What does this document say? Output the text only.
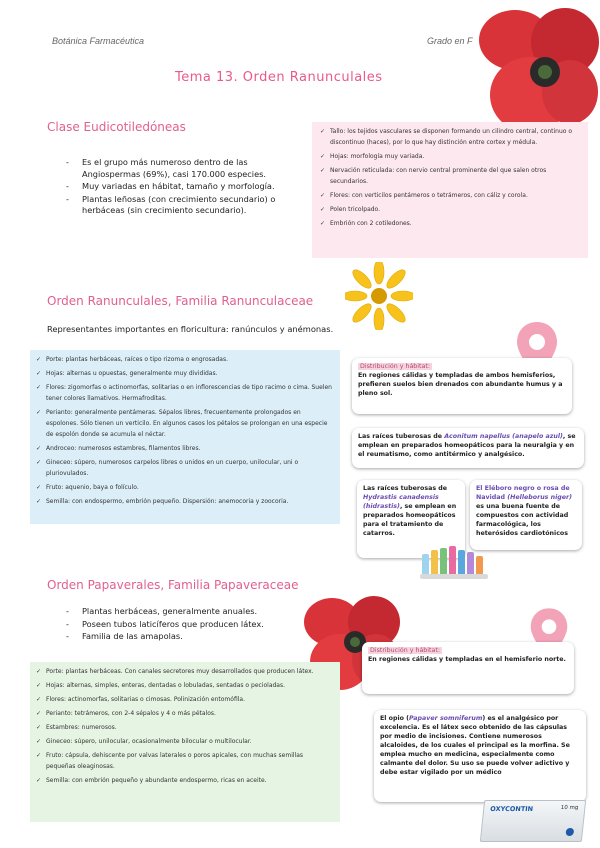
Botánica Farmacéutica	Grado en F
Tema 13. Orden Ranunculales
Clase Eudicotiledóneas
- Es el grupo más numeroso dentro de las Angiospermas (69%), casi 170.000 especies.
- Muy variadas en hábitat, tamaño y morfología.
- Plantas leñosas (con crecimiento secundario) o herbáceas (sin crecimiento secundario).
✓ Tallo: los tejidos vasculares se disponen formando un cilindro central, continuo o discontinuo (haces), por lo que hay distinción entre cortex y médula.
✓ Hojas: morfología muy variada.
✓ Nervación reticulada: con nervio central prominente del que salen otros secundarios.
✓ Flores: con verticilos pentámeros o tetrámeros, con cáliz y corola.
✓ Polen tricolpado.
✓ Embrión con 2 cotiledones.
Orden Ranunculales, Familia Ranunculaceae
Representantes importantes en floricultura: ranúnculos y anémonas.
✓ Porte: plantas herbáceas, raíces o tipo rizoma o engrosadas.
✓ Hojas: alternas u opuestas, generalmente muy divididas.
✓ Flores: zigomorfas o actinomorfas, solitarias o en inflorescencias de tipo racimo o cima. Suelen tener colores llamativos. Hermafroditas.
✓ Perianto: generalmente pentámeras. Sépalos libres, frecuentemente prolongados en espolones. Sólo tienen un verticilo. En algunos casos los pétalos se prolongan en una especie de espolón donde se acumula el néctar.
✓ Androceo: numerosos estambres, filamentos libres.
✓ Gineceo: súpero, numerosos carpelos libres o unidos en un cuerpo, unilocular, uni o pluriovulados.
✓ Fruto: aquenio, baya o folículo.
✓ Semilla: con endospermo, embrión pequeño. Dispersión: anemocoria y zoocoria.
Distribución y hábitat:
En regiones cálidas y templadas de ambos hemisferios, prefieren suelos bien drenados con abundante humus y a pleno sol.
Las raíces tuberosas de Aconitum napellus (anapelo azul), se emplean en preparados homeopáticos para la neuralgia y en el reumatismo, como antitérmico y analgésico.
Las raíces tuberosas de Hydrastis canadensis (hidrastis), se emplean en preparados homeopáticos para el tratamiento de catarros.
El Eléboro negro o rosa de Navidad (Helleborus niger) es una buena fuente de compuestos con actividad farmacológica, los heterósidos cardiotónicos
Orden Papaverales, Familia Papaveraceae
- Plantas herbáceas, generalmente anuales.
- Poseen tubos laticíferos que producen látex.
- Familia de las amapolas.
✓ Porte: plantas herbáceas. Con canales secretores muy desarrollados que producen látex.
✓ Hojas: alternas, simples, enteras, dentadas o lobuladas, sentadas o pecioladas.
✓ Flores: actinomorfas, solitarias o cimosas. Polinización entomófila.
✓ Perianto: tetrámeros, con 2-4 sépalos y 4 o más pétalos.
✓ Estambres: numerosos.
✓ Gineceo: súpero, unilocular, ocasionalmente bilocular o multilocular.
✓ Fruto: cápsula, dehiscente por valvas laterales o poros apicales, con muchas semillas pequeñas oleaginosas.
✓ Semilla: con embrión pequeño y abundante endospermo, ricas en aceite.
Distribución y hábitat:
En regiones cálidas y templadas en el hemisferio norte.
El opio (Papaver somniferum) es el analgésico por excelencia. Es el látex seco obtenido de las cápsulas por medio de incisiones. Contiene numerosos alcaloides, de los cuales el principal es la morfina. Se emplea mucho en medicina, especialmente como calmante del dolor. Su uso se puede volver adictivo y debe estar vigilado por un médico
OXYCONTIN	10 mg
